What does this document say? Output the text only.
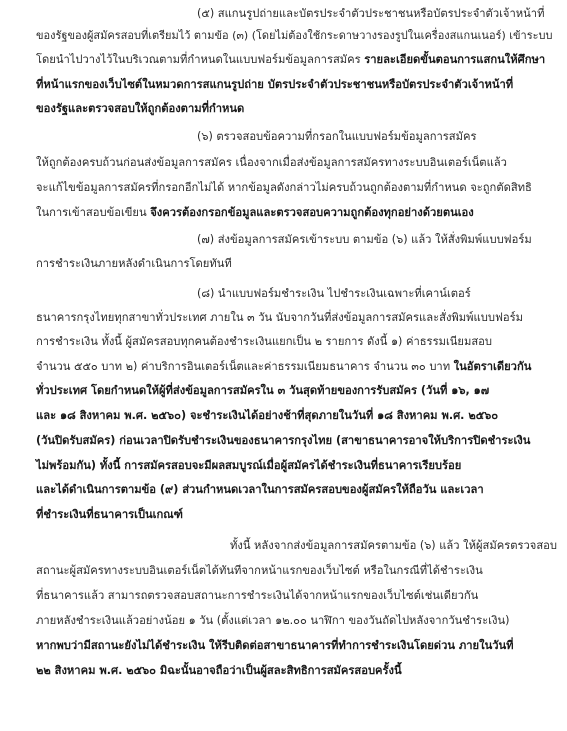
(๕) สแกนรูปถ่ายและบัตรประจำตัวประชาชนหรือบัตรประจำตัวเจ้าหน้าที่
ของรัฐของผู้สมัครสอบที่เตรียมไว้ ตามข้อ (๓) (โดยไม่ต้องใช้กระดาษวางรองรูปในเครื่องสแกนเนอร์) เข้าระบบ
โดยนำไปวางไว้ในบริเวณตามที่กำหนดในแบบฟอร์มข้อมูลการสมัคร รายละเอียดขั้นตอนการแสกนให้ศึกษา
ที่หน้าแรกของเว็บไซต์ในหมวดการสแกนรูปถ่าย บัตรประจำตัวประชาชนหรือบัตรประจำตัวเจ้าหน้าที่
ของรัฐและตรวจสอบให้ถูกต้องตามที่กำหนด
(๖) ตรวจสอบข้อความที่กรอกในแบบฟอร์มข้อมูลการสมัคร
ให้ถูกต้องครบถ้วนก่อนส่งข้อมูลการสมัคร เนื่องจากเมื่อส่งข้อมูลการสมัครทางระบบอินเตอร์เน็ตแล้ว
จะแก้ไขข้อมูลการสมัครที่กรอกอีกไม่ได้ หากข้อมูลดังกล่าวไม่ครบถ้วนถูกต้องตามที่กำหนด จะถูกตัดสิทธิ
ในการเข้าสอบข้อเขียน จึงควรต้องกรอกข้อมูลและตรวจสอบความถูกต้องทุกอย่างด้วยตนเอง
(๗) ส่งข้อมูลการสมัครเข้าระบบ ตามข้อ (๖) แล้ว ให้สั่งพิมพ์แบบฟอร์ม
การชำระเงินภายหลังดำเนินการโดยทันที
(๘) นำแบบฟอร์มชำระเงิน ไปชำระเงินเฉพาะที่เคาน์เตอร์
ธนาคารกรุงไทยทุกสาขาทั่วประเทศ ภายใน ๓ วัน นับจากวันที่ส่งข้อมูลการสมัครและสั่งพิมพ์แบบฟอร์ม
การชำระเงิน ทั้งนี้ ผู้สมัครสอบทุกคนต้องชำระเงินแยกเป็น ๒ รายการ ดังนี้ ๑) ค่าธรรมเนียมสอบ
จำนวน ๕๕๐ บาท ๒) ค่าบริการอินเตอร์เน็ตและค่าธรรมเนียมธนาคาร จำนวน ๓๐ บาท ในอัตราเดียวกัน
ทั่วประเทศ โดยกำหนดให้ผู้ที่ส่งข้อมูลการสมัครใน ๓ วันสุดท้ายของการรับสมัคร (วันที่ ๑๖, ๑๗
และ ๑๘ สิงหาคม พ.ศ. ๒๕๖๐) จะชำระเงินได้อย่างช้าที่สุดภายในวันที่ ๑๘ สิงหาคม พ.ศ. ๒๕๖๐
(วันปิดรับสมัคร) ก่อนเวลาปิดรับชำระเงินของธนาคารกรุงไทย (สาขาธนาคารอาจให้บริการปิดชำระเงิน
ไม่พร้อมกัน) ทั้งนี้ การสมัครสอบจะมีผลสมบูรณ์เมื่อผู้สมัครได้ชำระเงินที่ธนาคารเรียบร้อย
และได้ดำเนินการตามข้อ (๙) ส่วนกำหนดเวลาในการสมัครสอบของผู้สมัครให้ถือวัน และเวลา
ที่ชำระเงินที่ธนาคารเป็นเกณฑ์
ทั้งนี้ หลังจากส่งข้อมูลการสมัครตามข้อ (๖) แล้ว ให้ผู้สมัครตรวจสอบ
สถานะผู้สมัครทางระบบอินเตอร์เน็ตได้ทันทีจากหน้าแรกของเว็บไซต์ หรือในกรณีที่ได้ชำระเงิน
ที่ธนาคารแล้ว สามารถตรวจสอบสถานะการชำระเงินได้จากหน้าแรกของเว็บไซต์เช่นเดียวกัน
ภายหลังชำระเงินแล้วอย่างน้อย ๑ วัน (ตั้งแต่เวลา ๑๒.๐๐ นาฬิกา ของวันถัดไปหลังจากวันชำระเงิน)
หากพบว่ามีสถานะยังไม่ได้ชำระเงิน ให้รีบติดต่อสาขาธนาคารที่ทำการชำระเงินโดยด่วน ภายในวันที่
๒๒ สิงหาคม พ.ศ. ๒๕๖๐ มิฉะนั้นอาจถือว่าเป็นผู้สละสิทธิการสมัครสอบครั้งนี้
